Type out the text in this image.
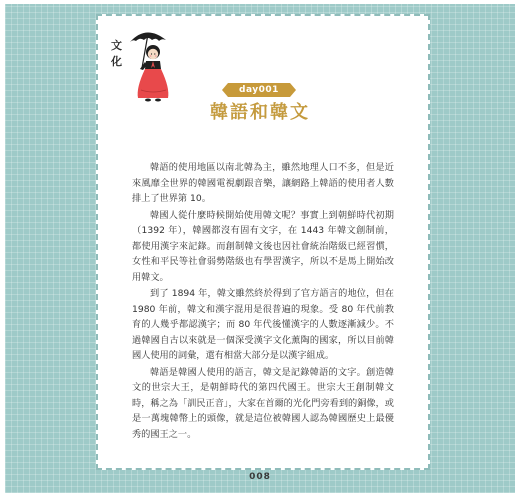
文
化
day001
韓語和韓文

韓語的使用地區以南北韓為主，雖然地理人口不多，但是近來風靡全世界的韓國電視劇跟音樂，讓網路上韓語的使用者人數排上了世界第 10。

韓國人從什麼時候開始使用韓文呢？事實上到朝鮮時代初期（1392 年），韓國都沒有固有文字，在 1443 年韓文創制前，都使用漢字來記錄。而創制韓文後也因社會統治階級已經習慣，女性和平民等社會弱勢階級也有學習漢字，所以不是馬上開始改用韓文。

到了 1894 年，韓文雖然終於得到了官方語言的地位，但在 1980 年前，韓文和漢字混用是很普遍的現象。受 80 年代前教育的人幾乎都認漢字；而 80 年代後懂漢字的人數逐漸減少。不過韓國自古以來就是一個深受漢字文化薰陶的國家，所以目前韓國人使用的詞彙，還有相當大部分是以漢字組成。

韓語是韓國人使用的語言，韓文是記錄韓語的文字。創造韓文的世宗大王，是朝鮮時代的第四代國王。世宗大王創制韓文時，稱之為「訓民正音」，大家在首爾的光化門旁看到的銅像，或是一萬塊韓幣上的頭像，就是這位被韓國人認為韓國歷史上最優秀的國王之一。

008
